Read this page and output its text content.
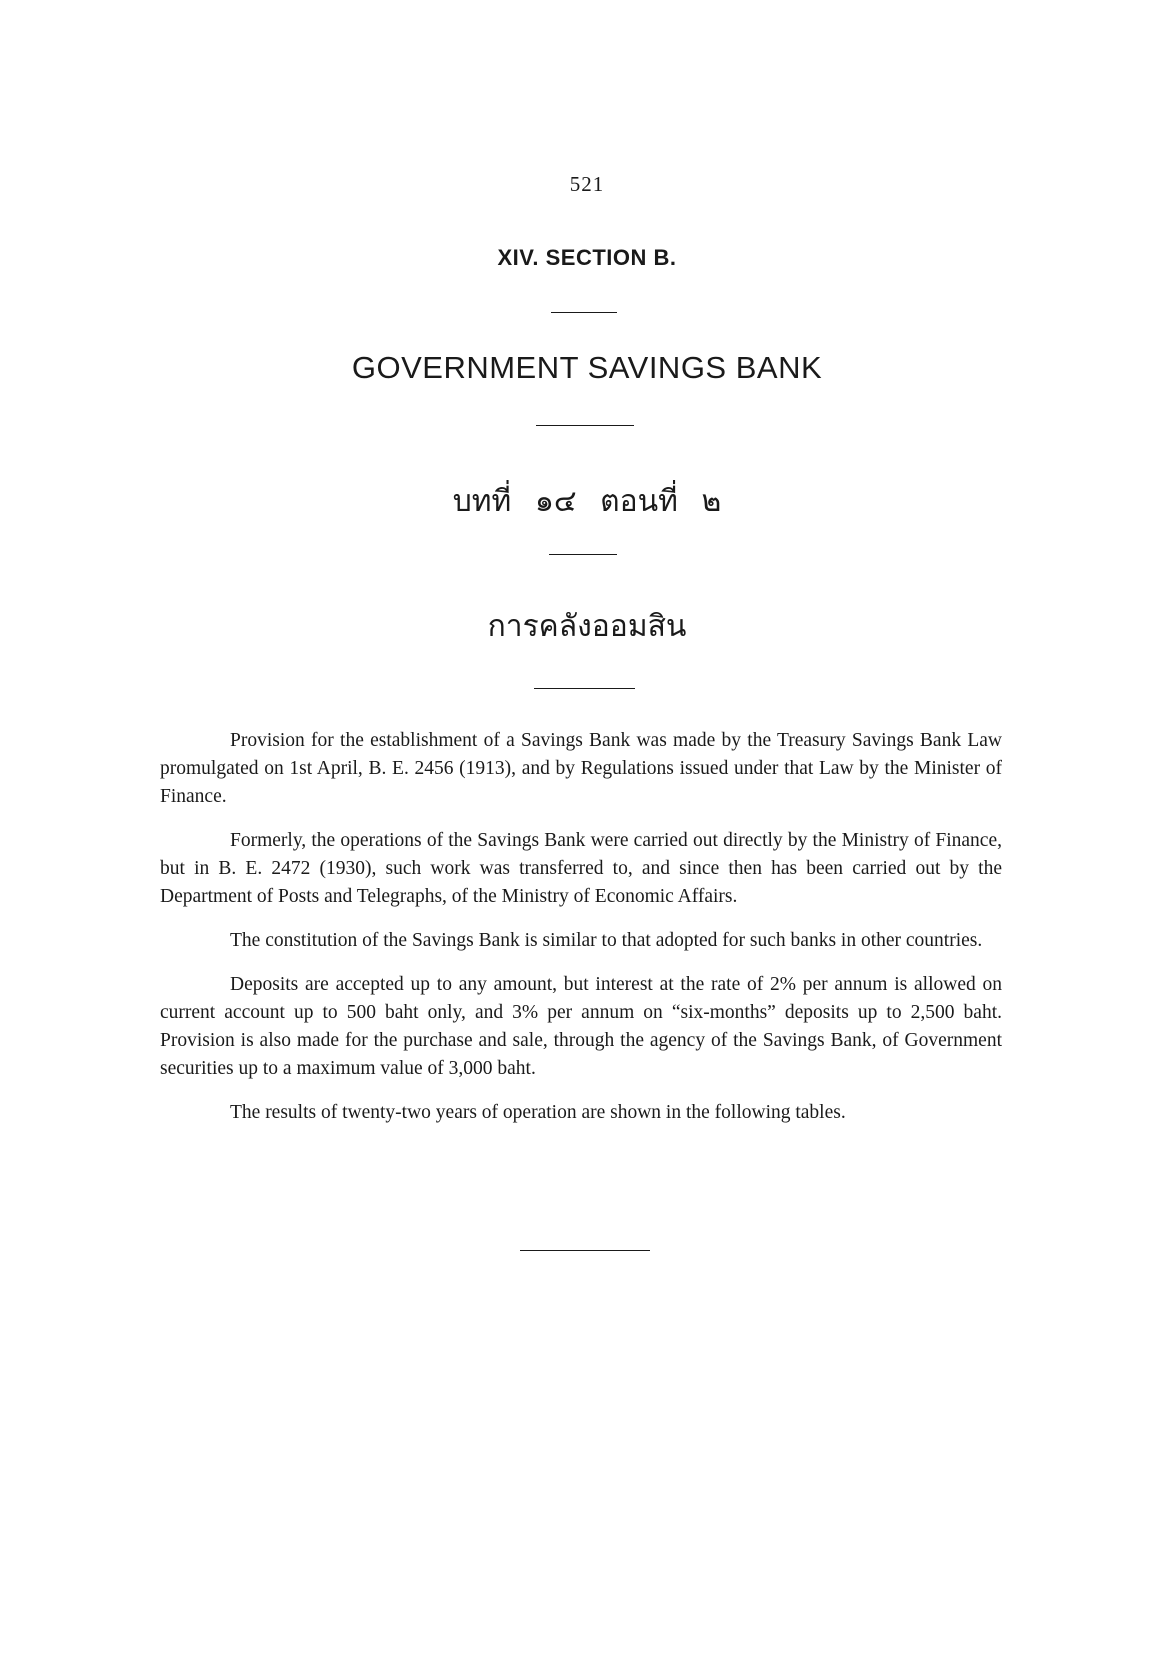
521
XIV. SECTION B.
GOVERNMENT SAVINGS BANK
บทที่ ๑๔ ตอนที่ ๒
การคลังออมสิน

Provision for the establishment of a Savings Bank was made by the Treasury Savings Bank Law promulgated on 1st April, B. E. 2456 (1913), and by Regulations issued under that Law by the Minister of Finance.

Formerly, the operations of the Savings Bank were carried out directly by the Ministry of Finance, but in B. E. 2472 (1930), such work was transferred to, and since then has been carried out by the Department of Posts and Telegraphs, of the Ministry of Economic Affairs.

The constitution of the Savings Bank is similar to that adopted for such banks in other countries.

Deposits are accepted up to any amount, but interest at the rate of 2% per annum is allowed on current account up to 500 baht only, and 3% per annum on “six-months” deposits up to 2,500 baht. Provision is also made for the purchase and sale, through the agency of the Savings Bank, of Government securities up to a maximum value of 3,000 baht.

The results of twenty-two years of operation are shown in the following tables.
